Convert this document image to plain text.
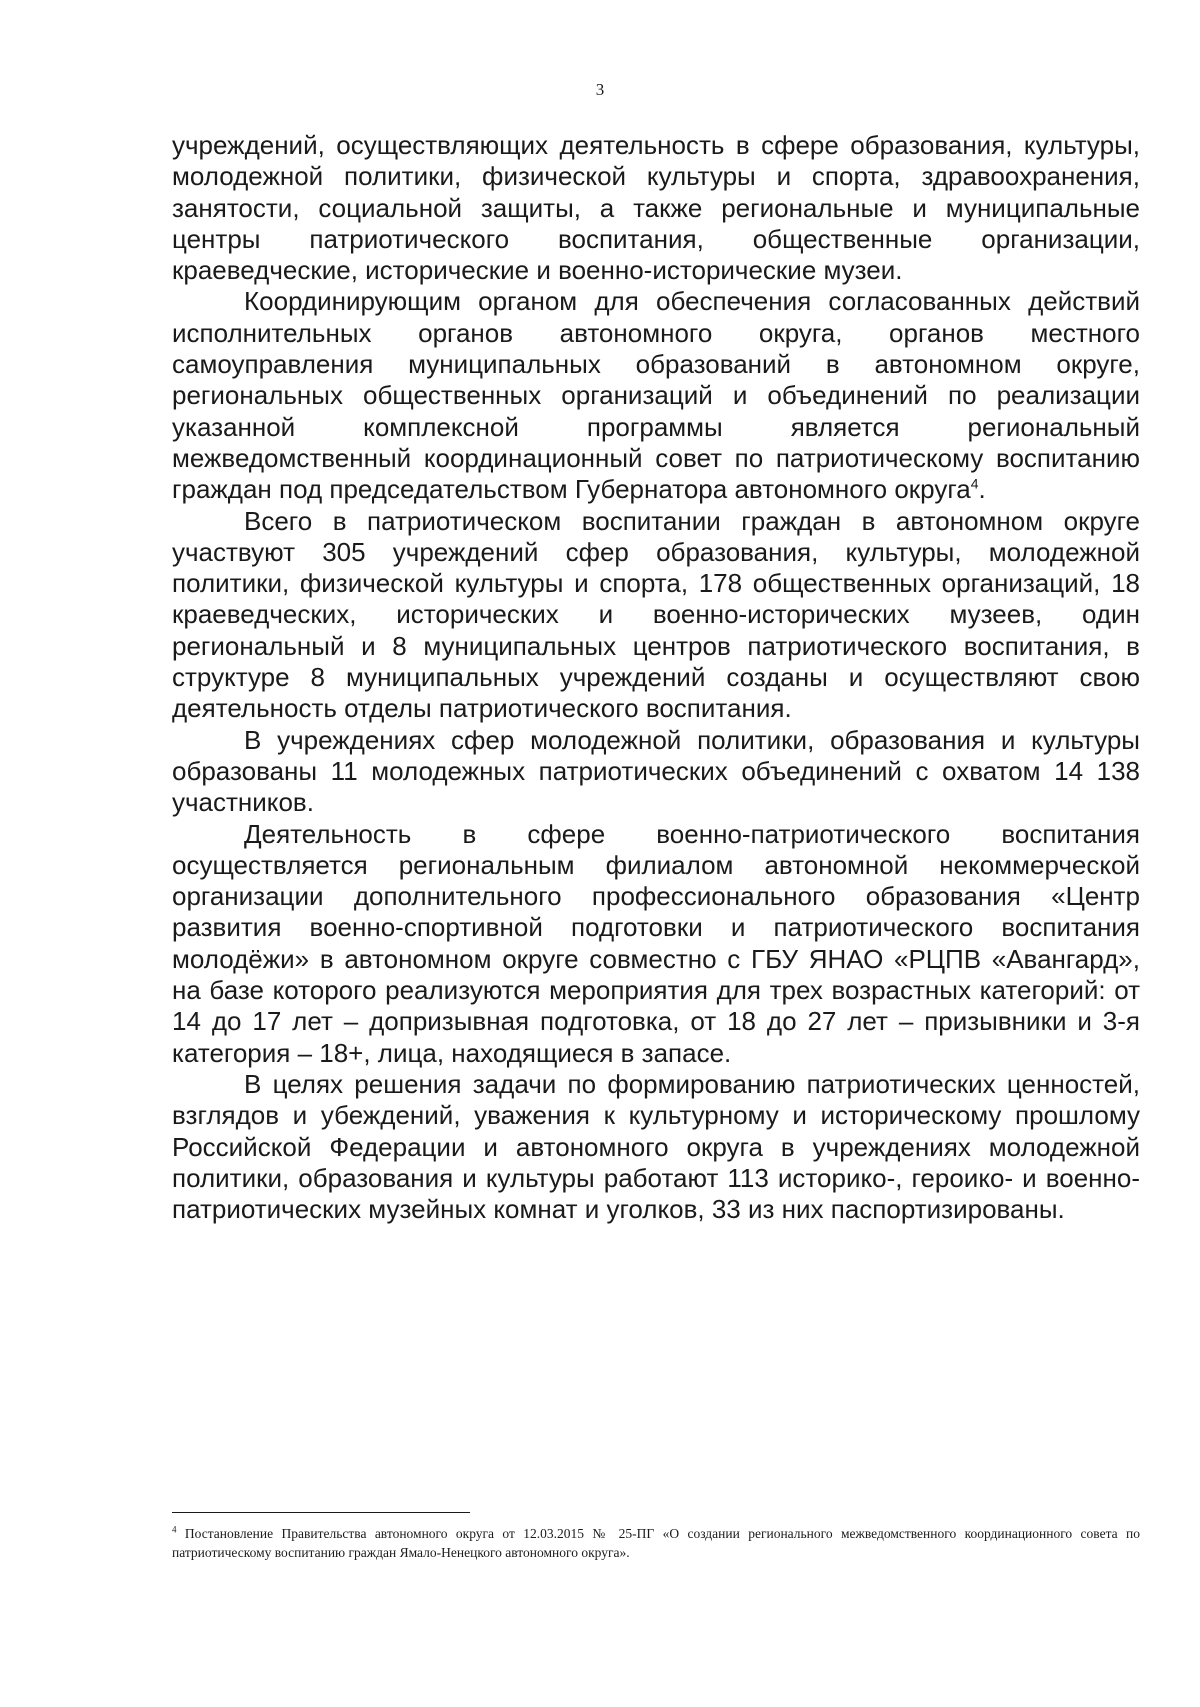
3

учреждений, осуществляющих деятельность в сфере образования, культуры, молодежной политики, физической культуры и спорта, здравоохранения, занятости, социальной защиты, а также региональные и муниципальные центры патриотического воспитания, общественные организации, краеведческие, исторические и военно-исторические музеи.

Координирующим органом для обеспечения согласованных действий исполнительных органов автономного округа, органов местного самоуправления муниципальных образований в автономном округе, региональных общественных организаций и объединений по реализации указанной комплексной программы является региональный межведомственный координационный совет по патриотическому воспитанию граждан под председательством Губернатора автономного округа$^4$.

Всего в патриотическом воспитании граждан в автономном округе участвуют 305 учреждений сфер образования, культуры, молодежной политики, физической культуры и спорта, 178 общественных организаций, 18 краеведческих, исторических и военно-исторических музеев, один региональный и 8 муниципальных центров патриотического воспитания, в структуре 8 муниципальных учреждений созданы и осуществляют свою деятельность отделы патриотического воспитания.

В учреждениях сфер молодежной политики, образования и культуры образованы 11 молодежных патриотических объединений с охватом 14 138 участников.

Деятельность в сфере военно-патриотического воспитания осуществляется региональным филиалом автономной некоммерческой организации дополнительного профессионального образования «Центр развития военно-спортивной подготовки и патриотического воспитания молодёжи» в автономном округе совместно с ГБУ ЯНАО «РЦПВ «Авангард», на базе которого реализуются мероприятия для трех возрастных категорий: от 14 до 17 лет – допризывная подготовка, от 18 до 27 лет – призывники и 3-я категория – 18+, лица, находящиеся в запасе.

В целях решения задачи по формированию патриотических ценностей, взглядов и убеждений, уважения к культурному и историческому прошлому Российской Федерации и автономного округа в учреждениях молодежной политики, образования и культуры работают 113 историко-, героико- и военно-патриотических музейных комнат и уголков, 33 из них паспортизированы.

$^4$ Постановление Правительства автономного округа от 12.03.2015 № 25-ПГ «О создании регионального межведомственного координационного совета по патриотическому воспитанию граждан Ямало-Ненецкого автономного округа».
